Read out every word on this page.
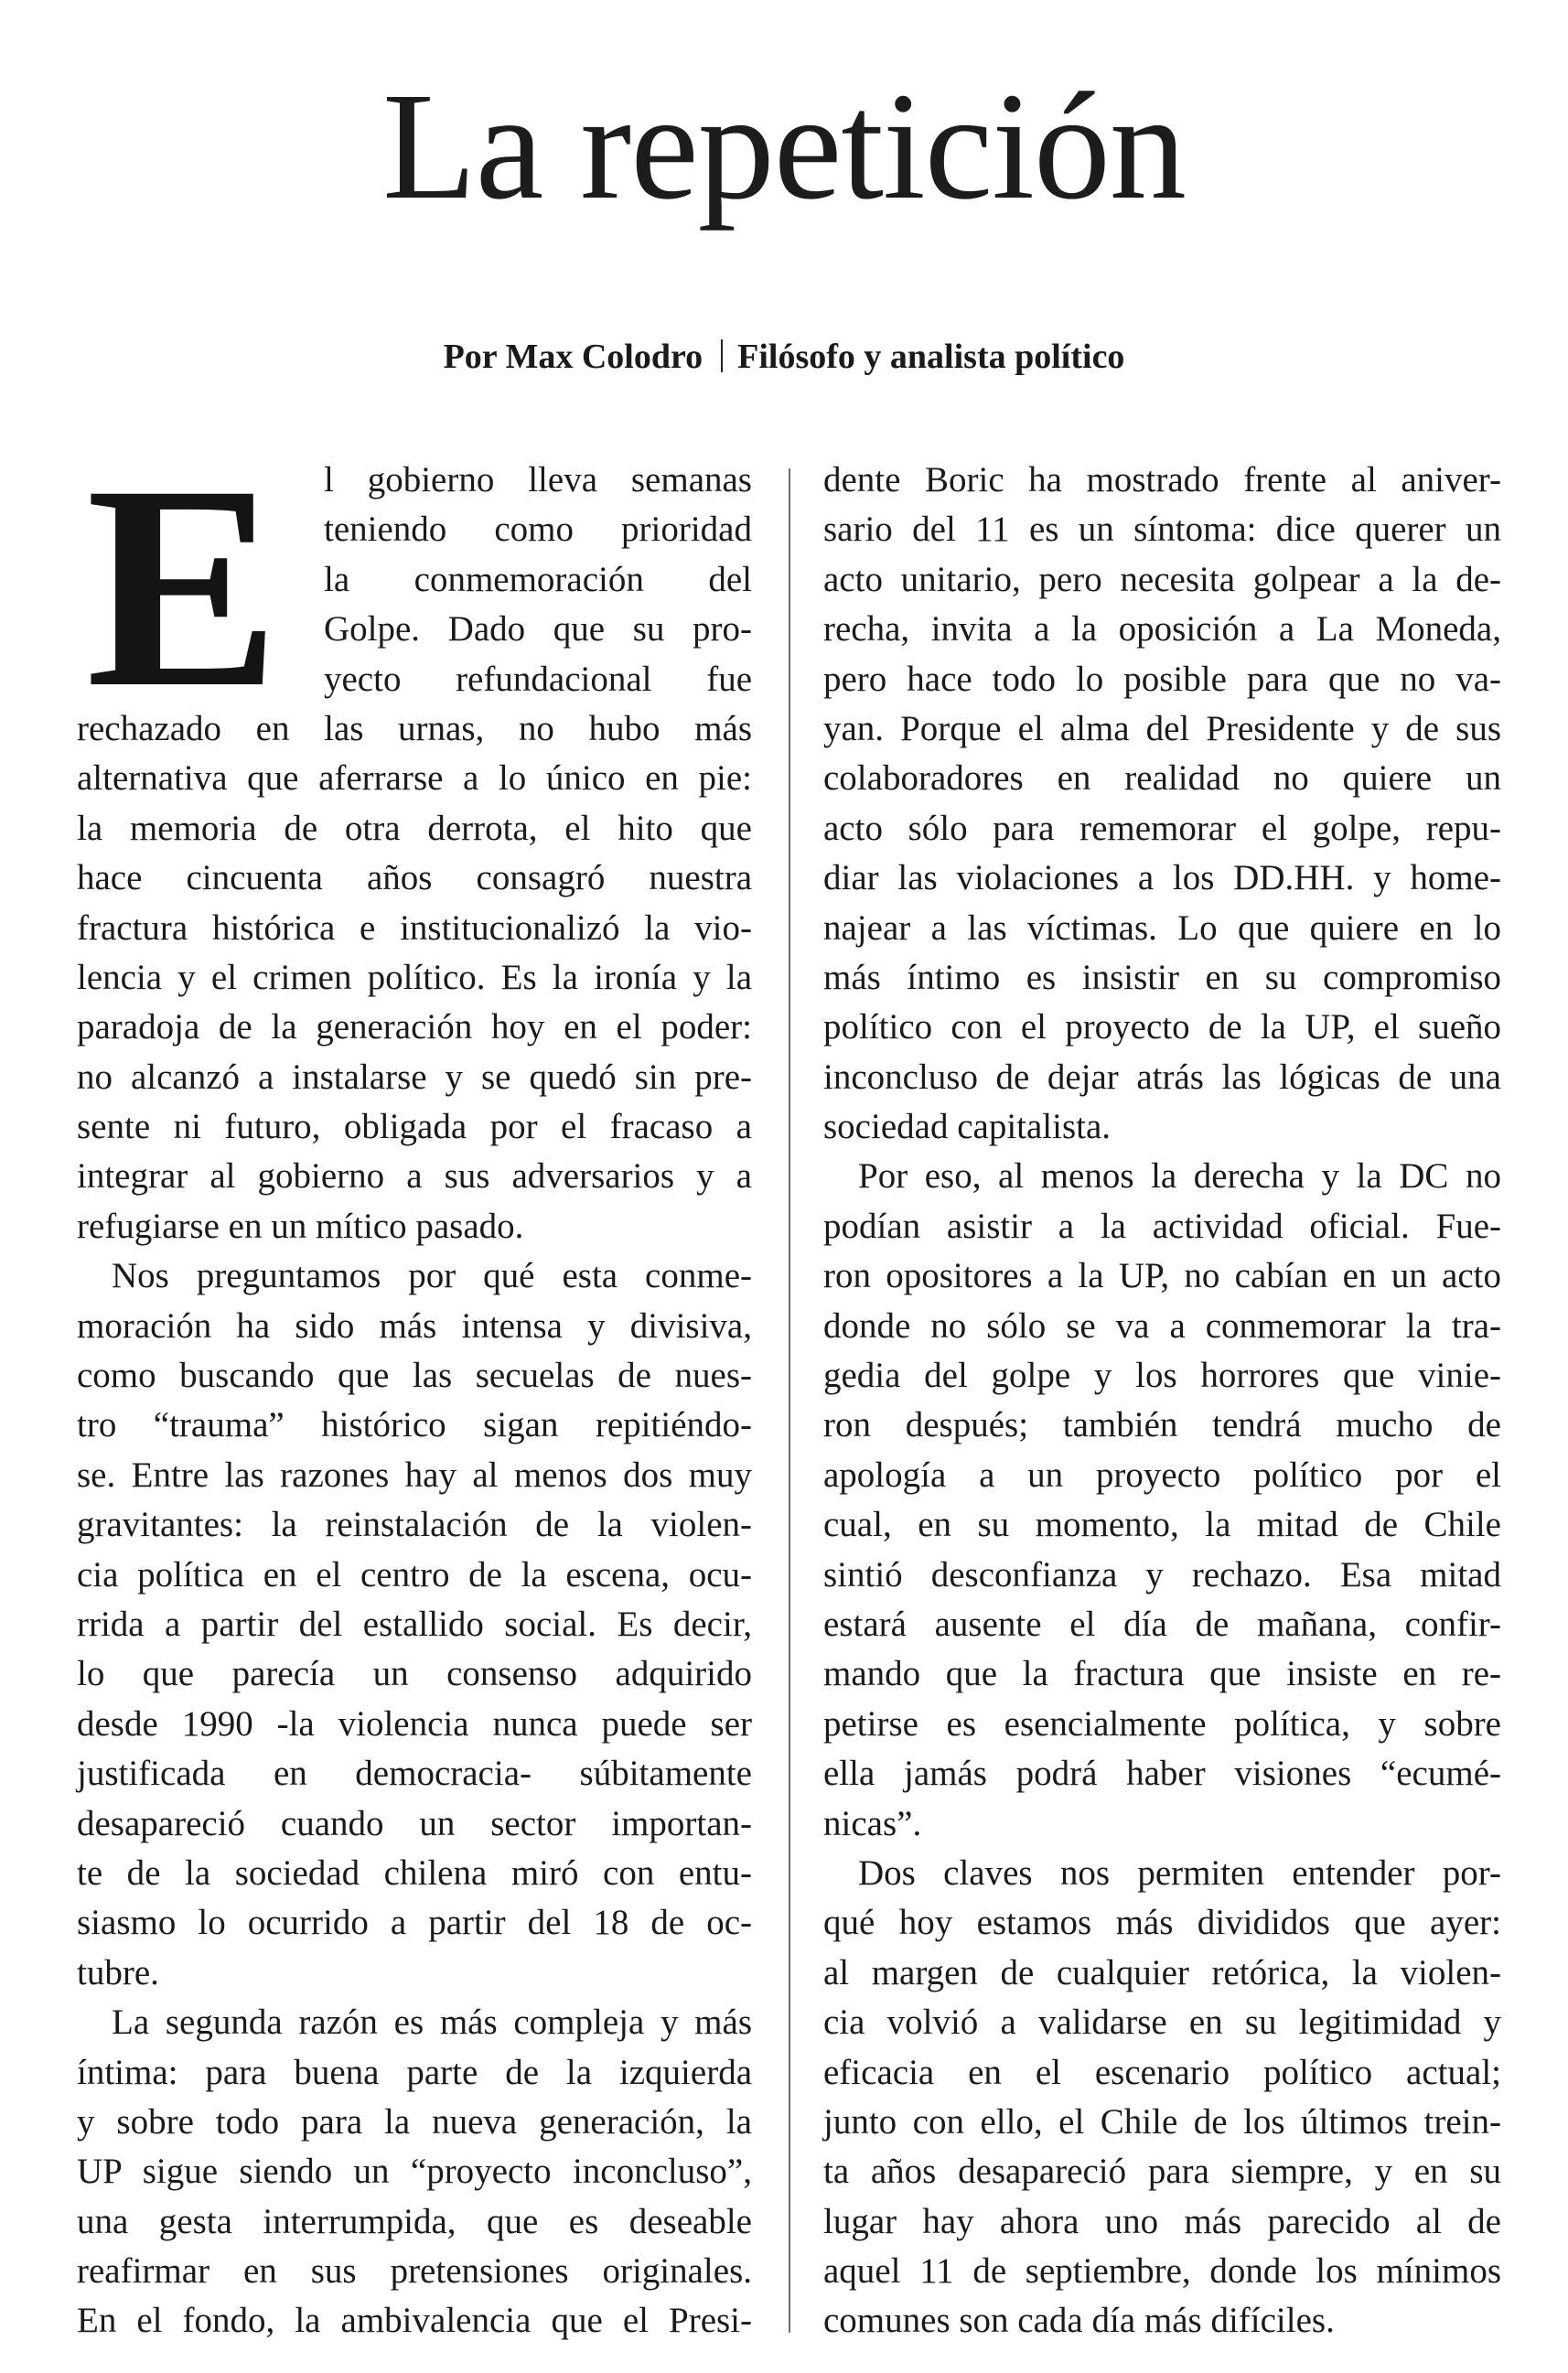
La repetición
Por Max Colodro Filósofo y analista político
E l gobierno lleva semanas
teniendo como prioridad
la conmemoración del
Golpe. Dado que su pro-
yecto refundacional fue
rechazado en las urnas, no hubo más
alternativa que aferrarse a lo único en pie:
la memoria de otra derrota, el hito que
hace cincuenta años consagró nuestra
fractura histórica e institucionalizó la vio-
lencia y el crimen político. Es la ironía y la
paradoja de la generación hoy en el poder:
no alcanzó a instalarse y se quedó sin pre-
sente ni futuro, obligada por el fracaso a
integrar al gobierno a sus adversarios y a
refugiarse en un mítico pasado.
Nos preguntamos por qué esta conme-
moración ha sido más intensa y divisiva,
como buscando que las secuelas de nues-
tro “trauma” histórico sigan repitiéndo-
se. Entre las razones hay al menos dos muy
gravitantes: la reinstalación de la violen-
cia política en el centro de la escena, ocu-
rrida a partir del estallido social. Es decir,
lo que parecía un consenso adquirido
desde 1990 -la violencia nunca puede ser
justificada en democracia- súbitamente
desapareció cuando un sector importan-
te de la sociedad chilena miró con entu-
siasmo lo ocurrido a partir del 18 de oc-
tubre.
La segunda razón es más compleja y más
íntima: para buena parte de la izquierda
y sobre todo para la nueva generación, la
UP sigue siendo un “proyecto inconcluso”,
una gesta interrumpida, que es deseable
reafirmar en sus pretensiones originales.
En el fondo, la ambivalencia que el Presi-
dente Boric ha mostrado frente al aniver-
sario del 11 es un síntoma: dice querer un
acto unitario, pero necesita golpear a la de-
recha, invita a la oposición a La Moneda,
pero hace todo lo posible para que no va-
yan. Porque el alma del Presidente y de sus
colaboradores en realidad no quiere un
acto sólo para rememorar el golpe, repu-
diar las violaciones a los DD.HH. y home-
najear a las víctimas. Lo que quiere en lo
más íntimo es insistir en su compromiso
político con el proyecto de la UP, el sueño
inconcluso de dejar atrás las lógicas de una
sociedad capitalista.
Por eso, al menos la derecha y la DC no
podían asistir a la actividad oficial. Fue-
ron opositores a la UP, no cabían en un acto
donde no sólo se va a conmemorar la tra-
gedia del golpe y los horrores que vinie-
ron después; también tendrá mucho de
apología a un proyecto político por el
cual, en su momento, la mitad de Chile
sintió desconfianza y rechazo. Esa mitad
estará ausente el día de mañana, confir-
mando que la fractura que insiste en re-
petirse es esencialmente política, y sobre
ella jamás podrá haber visiones “ecumé-
nicas”.
Dos claves nos permiten entender por-
qué hoy estamos más divididos que ayer:
al margen de cualquier retórica, la violen-
cia volvió a validarse en su legitimidad y
eficacia en el escenario político actual;
junto con ello, el Chile de los últimos trein-
ta años desapareció para siempre, y en su
lugar hay ahora uno más parecido al de
aquel 11 de septiembre, donde los mínimos
comunes son cada día más difíciles.
